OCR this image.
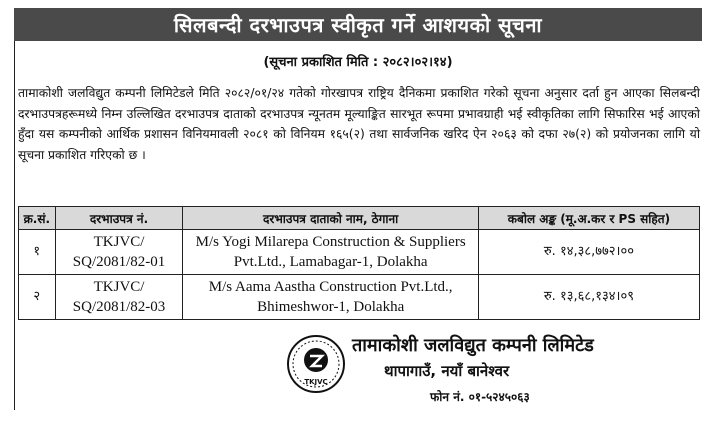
सिलबन्दी दरभाउपत्र स्वीकृत गर्ने आशयको सूचना
(सूचना प्रकाशित मिति : २०८२।०२।१४)
तामाकोशी जलविद्युत कम्पनी लिमिटेडले मिति २०८२/०१/२४ गतेको गोरखापत्र राष्ट्रिय दैनिकमा प्रकाशित गरेको सूचना अनुसार दर्ता हुन आएका सिलबन्दी दरभाउपत्रहरूमध्ये निम्न उल्लिखित दरभाउपत्र दाताको दरभाउपत्र न्यूनतम मूल्याङ्कित सारभूत रूपमा प्रभावग्राही भई स्वीकृतिका लागि सिफारिस भई आएको हुँदा यस कम्पनीको आर्थिक प्रशासन विनियमावली २०८१ को विनियम १६५(२) तथा सार्वजनिक खरिद ऐन २०६३ को दफा २७(२) को प्रयोजनका लागि यो सूचना प्रकाशित गरिएको छ ।
क्र.सं.	दरभाउपत्र नं.	दरभाउपत्र दाताको नाम, ठेगाना	कबोल अङ्क (मू.अ.कर र PS सहित)
१	TKJVC/ SQ/2081/82-01	M/s Yogi Milarepa Construction & Suppliers Pvt.Ltd., Lamabagar-1, Dolakha	रु. १४,३८,७७२।००
२	TKJVC/ SQ/2081/82-03	M/s Aama Aastha Construction Pvt.Ltd., Bhimeshwor-1, Dolakha	रु. १३,६८,१३४।०९
TKJVC
तामाकोशी जलविद्युत कम्पनी लिमिटेड
थापागाउँ, नयाँ बानेश्वर
फोन नं. ०१-५२४५०६३
